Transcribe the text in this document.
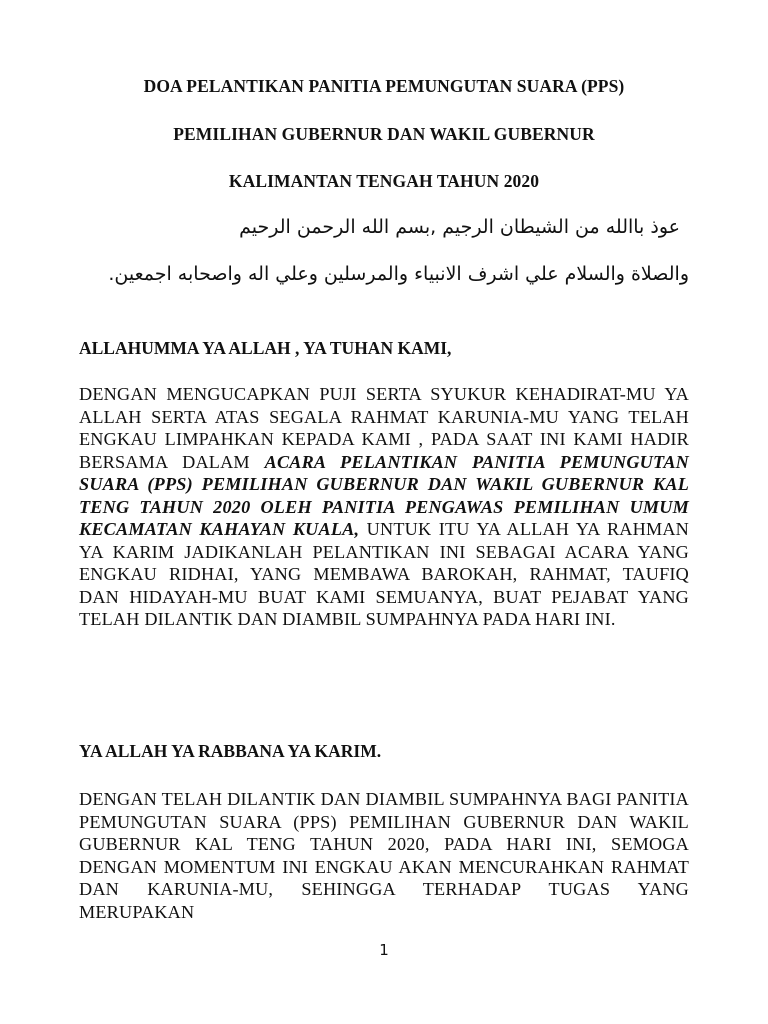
DOA PELANTIKAN PANITIA PEMUNGUTAN SUARA (PPS)
PEMILIHAN GUBERNUR DAN WAKIL GUBERNUR
KALIMANTAN TENGAH TAHUN 2020
عوذ باالله من الشيطان الرجيم ,بسم الله الرحمن الرحيم
والصلاة والسلام علي اشرف الانبياء والمرسلين وعلي اله واصحابه اجمعين.
ALLAHUMMA YA ALLAH , YA TUHAN KAMI,
DENGAN MENGUCAPKAN PUJI SERTA SYUKUR KEHADIRAT-MU YA ALLAH SERTA ATAS SEGALA RAHMAT KARUNIA-MU YANG TELAH ENGKAU LIMPAHKAN KEPADA KAMI , PADA SAAT INI KAMI HADIR BERSAMA DALAM ACARA PELANTIKAN PANITIA PEMUNGUTAN SUARA (PPS) PEMILIHAN GUBERNUR DAN WAKIL GUBERNUR KAL TENG TAHUN 2020 OLEH PANITIA PENGAWAS PEMILIHAN UMUM KECAMATAN KAHAYAN KUALA, UNTUK ITU YA ALLAH YA RAHMAN YA KARIM JADIKANLAH PELANTIKAN INI SEBAGAI ACARA YANG ENGKAU RIDHAI, YANG MEMBAWA BAROKAH, RAHMAT, TAUFIQ DAN HIDAYAH-MU BUAT KAMI SEMUANYA, BUAT PEJABAT YANG TELAH DILANTIK DAN DIAMBIL SUMPAHNYA PADA HARI INI.
YA ALLAH YA RABBANA YA KARIM.
DENGAN TELAH DILANTIK DAN DIAMBIL SUMPAHNYA BAGI PANITIA PEMUNGUTAN SUARA (PPS) PEMILIHAN GUBERNUR DAN WAKIL GUBERNUR KAL TENG TAHUN 2020, PADA HARI INI, SEMOGA DENGAN MOMENTUM INI ENGKAU AKAN MENCURAHKAN RAHMAT DAN KARUNIA-MU, SEHINGGA TERHADAP TUGAS YANG MERUPAKAN
1
